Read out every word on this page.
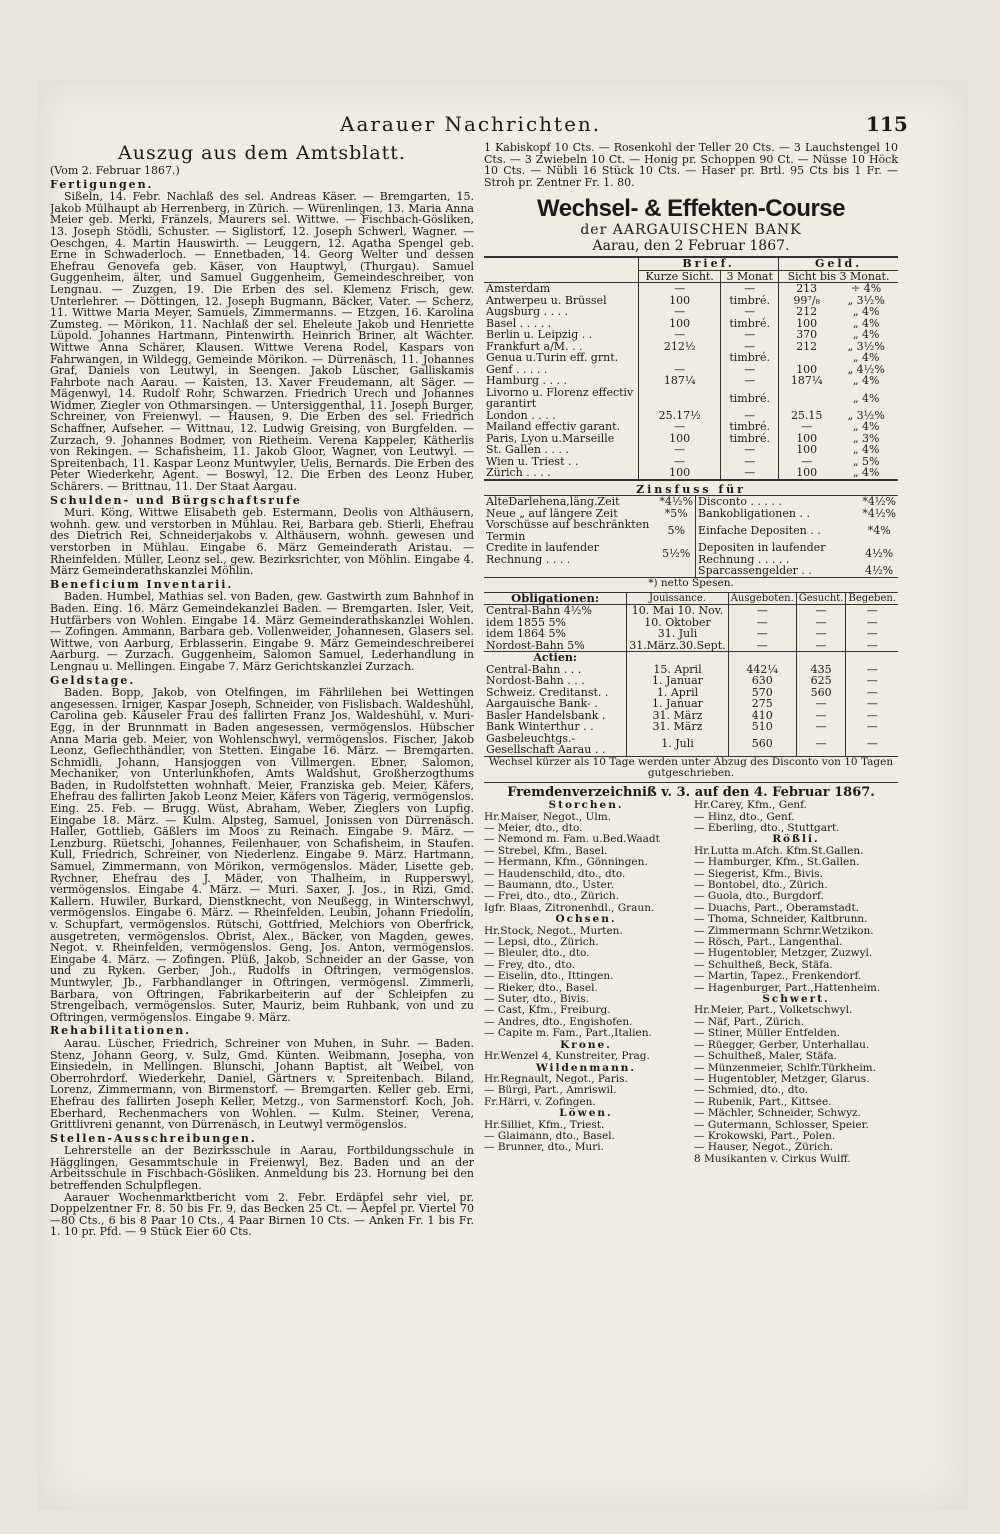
Aarauer Nachrichten.	115
Auszug aus dem Amtsblatt.

(Vom 2. Februar 1867.)

Fertigungen.

Sißeln, 14. Febr. Nachlaß des sel. Andreas Käser. — Bremgarten, 15. Jakob Mülhaupt ab Herrenberg, in Zürich. — Würenlingen, 13. Maria Anna Meier geb. Merki, Fränzels, Maurers sel. Wittwe. — Fischbach-Gösliken, 13. Joseph Stödli, Schuster. — Siglistorf, 12. Joseph Schwerl, Wagner. — Oeschgen, 4. Martin Hauswirth. — Leuggern, 12. Agatha Spengel geb. Erne in Schwaderloch. — Ennetbaden, 14. Georg Welter und dessen Ehefrau Genovefa geb. Käser, von Hauptwyl, (Thurgau). Samuel Guggenheim, älter, und Samuel Guggenheim, Gemeindeschreiber, von Lengnau. — Zuzgen, 19. Die Erben des sel. Klemenz Frisch, gew. Unterlehrer. — Döttingen, 12. Joseph Bugmann, Bäcker, Vater. — Scherz, 11. Wittwe Maria Meyer, Samuels, Zimmermanns. — Etzgen, 16. Karolina Zumsteg. — Mörikon, 11. Nachlaß der sel. Eheleute Jakob und Henriette Lüpold. Johannes Hartmann, Pintenwirth. Heinrich Briner, alt Wächter. Wittwe Anna Schärer, Klausen. Wittwe Verena Rodel, Kaspars von Fahrwangen, in Wildegg, Gemeinde Mörikon. — Dürrenäsch, 11. Johannes Graf, Daniels von Leutwyl, in Seengen. Jakob Lüscher, Galliskamis Fahrbote nach Aarau. — Kaisten, 13. Xaver Freudemann, alt Säger. — Mägenwyl, 14. Rudolf Rohr, Schwarzen. Friedrich Urech und Johannes Widmer, Ziegler von Othmarsingen. — Untersiggenthal, 11. Joseph Burger, Schreiner, von Freienwyl. — Hausen, 9. Die Erben des sel. Friedrich Schaffner, Aufseher. — Wittnau, 12. Ludwig Greising, von Burgfelden. — Zurzach, 9. Johannes Bodmer, von Rietheim. Verena Kappeler, Kätherlis von Rekingen. — Schafisheim, 11. Jakob Gloor, Wagner, von Leutwyl. — Spreitenbach, 11. Kaspar Leonz Muntwyler, Uelis, Bernards. Die Erben des Peter Wiederkehr, Agent. — Boswyl, 12. Die Erben des Leonz Huber, Schärers. — Brittnau, 11. Der Staat Aargau.

Schulden- und Bürgschaftsrufe

Muri. Köng, Wittwe Elisabeth geb. Estermann, Deolis von Althäusern, wohnh. gew. und verstorben in Mühlau. Rei, Barbara geb. Stierli, Ehefrau des Dietrich Rei, Schneiderjakobs v. Althäusern, wohnh. gewesen und verstorben in Mühlau. Eingabe 6. März Gemeinderath Aristau. — Rheinfelden. Müller, Leonz sel., gew. Bezirksrichter, von Möhlin. Eingabe 4. März Gemeinderathskanzlei Möhlin.

Beneficium Inventarii.

Baden. Humbel, Mathias sel. von Baden, gew. Gastwirth zum Bahnhof in Baden. Eing. 16. März Gemeindekanzlei Baden. — Bremgarten. Isler, Veit, Hutfärbers von Wohlen. Eingabe 14. März Gemeinderathskanzlei Wohlen. — Zofingen. Ammann, Barbara geb. Vollenweider, Johannesen, Glasers sel. Wittwe, von Aarburg, Erblasserin. Eingabe 9. März Gemeindeschreiberei Aarburg. — Zurzach. Guggenheim, Salomon Samuel, Lederhandlung in Lengnau u. Mellingen. Eingabe 7. März Gerichtskanzlei Zurzach.

Geldstage.

Baden. Bopp, Jakob, von Otelfingen, im Fährlilehen bei Wettingen angesessen. Irniger, Kaspar Joseph, Schneider, von Fislisbach. Waldeshühl, Carolina geb. Käuseler Frau des fallirten Franz Jos. Waldeshühl, v. Muri-Egg, in der Brunnmatt in Baden angesessen, vermögenslos. Hübscher Anna Maria geb. Meier, von Wohlenschwyl, vermögenslos. Fischer, Jakob Leonz, Geflechthändler, von Stetten. Eingabe 16. März. — Bremgarten. Schmidli, Johann, Hansjoggen von Villmergen. Ebner, Salomon, Mechaniker, von Unterlunkhofen, Amts Waldshut, Großherzogthums Baden, in Rudolfstetten wohnhaft. Meier, Franziska geb. Meier, Käfers, Ehefrau des fallirten Jakob Leonz Meier, Käfers von Tägerig, vermögenslos. Eing. 25. Feb. — Brugg. Wüst, Abraham, Weber, Zieglers von Lupfig. Eingabe 18. März. — Kulm. Alpsteg, Samuel, Jonissen von Dürrenäsch. Haller, Gottlieb, Gäßlers im Moos zu Reinach. Eingabe 9. März. — Lenzburg. Rüetschi, Johannes, Feilenhauer, von Schafisheim, in Staufen. Kull, Friedrich, Schreiner, von Niederlenz. Eingabe 9. März. Hartmann, Samuel, Zimmermann, von Mörikon, vermögenslos. Mäder, Lisette geb. Rychner, Ehefrau des J. Mäder, von Thalheim, in Rupperswyl, vermögenslos. Eingabe 4. März. — Muri. Saxer, J. Jos., in Rizi, Gmd. Kallern. Huwiler, Burkard, Dienstknecht, von Neußegg, in Winterschwyl, vermögenslos. Eingabe 6. März. — Rheinfelden. Leubin, Johann Friedolin, v. Schupfart, vermögenslos. Rütschi, Gottfried, Melchiors von Oberfrick, ausgetreten, vermögenslos. Obrist, Alex., Bäcker, von Magden, gewes. Negot. v. Rheinfelden, vermögenslos. Geng, Jos. Anton, vermögenslos. Eingabe 4. März. — Zofingen. Plüß, Jakob, Schneider an der Gasse, von und zu Ryken. Gerber, Joh., Rudolfs in Oftringen, vermögenslos. Muntwyler, Jb., Farbhandlanger in Oftringen, vermögensl. Zimmerli, Barbara, von Oftringen, Fabrikarbeiterin auf der Schleipfen zu Strengelbach, vermögenslos. Suter, Mauriz, beim Ruhbank, von und zu Oftringen, vermögenslos. Eingabe 9. März.

Rehabilitationen.

Aarau. Lüscher, Friedrich, Schreiner von Muhen, in Suhr. — Baden. Stenz, Johann Georg, v. Sulz, Gmd. Künten. Weibmann, Josepha, von Einsiedeln, in Mellingen. Blunschi, Johann Baptist, alt Weibel, von Oberrohrdorf. Wiederkehr, Daniel, Gärtners v. Spreitenbach. Biland, Lorenz, Zimmermann, von Birmenstorf. — Bremgarten. Keller geb. Erni, Ehefrau des fallirten Joseph Keller, Metzg., von Sarmenstorf. Koch, Joh. Eberhard, Rechenmachers von Wohlen. — Kulm. Steiner, Verena, Grittlivreni genannt, von Dürrenäsch, in Leutwyl vermögenslos.

Stellen-Ausschreibungen.

Lehrerstelle an der Bezirksschule in Aarau, Fortbildungsschule in Hägglingen, Gesammtschule in Freienwyl, Bez. Baden und an der Arbeitsschule in Fischbach-Gösliken. Anmeldung bis 23. Hornung bei den betreffenden Schulpflegen.

Aarauer Wochenmarktbericht vom 2. Febr. Erdäpfel sehr viel, pr. Doppelzentner Fr. 8. 50 bis Fr. 9, das Becken 25 Ct. — Aepfel pr. Viertel 70—80 Cts., 6 bis 8 Paar 10 Cts., 4 Paar Birnen 10 Cts. — Anken Fr. 1 bis Fr. 1. 10 pr. Pfd. — 9 Stück Eier 60 Cts.

1 Kabiskopf 10 Cts. — Rosenkohl der Teller 20 Cts. — 3 Lauchstengel 10 Cts. — 3 Zwiebeln 10 Ct. — Honig pr. Schoppen 90 Ct. — Nüsse 10 Höck 10 Cts. — Nübli 16 Stück 10 Cts. — Haser pr. Brtl. 95 Cts bis 1 Fr. — Stroh pr. Zentner Fr. 1. 80.

Wechsel- & Effekten-Course
der AARGAUISCHEN BANK
Aarau, den 2 Februar 1867.
	Brief.		Geld.	
	Kurze Sicht.	3 Monat	Sicht bis 3 Monat.	
Amsterdam	—	—	213	÷ 4%
Antwerpeu u. Brüssel	100	timbré.	99⁷/₈	„ 3½%
Augsburg . . . .	—	—	212	„ 4%
Basel . . . . .	100	timbré.	100	„ 4%
Berlin u. Leipzig . .	—	—	370	„ 4%
Frankfurt a/M. . .	212½	—	212	„ 3½%
Genua u.Turin eff. grnt.		timbré.		„ 4%
Genf . . . . .	—	—	100	„ 4½%
Hamburg . . . .	187¼	—	187¼	„ 4%
Livorno u. Florenz effectiv garantirt		timbré.		„ 4%
London . . . .	25.17½	—	25.15	„ 3½%
Mailand effectiv garant.	—	timbré.	—	„ 4%
Paris, Lyon u.Marseille	100	timbré.	100	„ 3%
St. Gallen . . . .	—	—	100	„ 4%
Wien u. Triest . .	—	—	—	„ 5%
Zürich . . . .	100	—	100	„ 4%
Zinsfuss für
AlteDarlehena,läng.Zeit	*4½%	Disconto . . . . .	*4½%
Neue „ auf längere Zeit	*5%	Bankobligationen . .	*4½%
Vorschüsse auf beschränkten Termin	5%	Einfache Depositen . .	*4%
Credite in laufender Rechnung . . . .	5½%	Depositen in laufender Rechnung . . . . .	4½%
		Sparcassengelder . .	4½%
*) netto Spesen.
Obligationen:	Jouissance.	Ausgeboten.	Gesucht.	Begeben.
Central-Bahn 4½%	10. Mai 10. Nov.	—	—	—
idem 1855 5%	10. Oktober	—	—	—
idem 1864 5%	31. Juli	—	—	—
Nordost-Bahn 5%	31.März.30.Sept.	—	—	—
Actien:				
Central-Bahn . . .	15. April	442¼	435	—
Nordost-Bahn . . .	1. Januar	630	625	—
Schweiz. Creditanst. .	1. April	570	560	—
Aargauische Bank- .	1. Januar	275	—	—
Basler Handelsbank .	31. März	410	—	—
Bank Winterthur . .	31. März	510	—	—
Gasbeleuchtgs.-Gesellschaft Aarau . .	1. Juli	560	—	—
Wechsel kürzer als 10 Tage werden unter Abzug des Disconto von 10 Tagen gutgeschrieben.
Fremdenverzeichniß v. 3. auf den 4. Februar 1867.
Storchen.
Hr.Maiser, Negot., Ulm.
— Meier, dto., dto.
— Nemond m. Fam. u.Bed.Waadt
— Strebel, Kfm., Basel.
— Hermann, Kfm., Gönningen.
— Haudenschild, dto., dto.
— Baumann, dto., Uster.
— Frei, dto., dto., Zürich.
Igfr. Blaas, Zitronenhdl., Graun.
Ochsen.
Hr.Stock, Negot., Murten.
— Lepsi, dto., Zürich.
— Bleuler, dto., dto.
— Frey, dto., dto.
— Eiselin, dto., Ittingen.
— Rieker, dto., Basel.
— Suter, dto., Bivis.
— Cast, Kfm., Freiburg.
— Andres, dto., Engishofen.
— Capite m. Fam., Part.,Italien.
Krone.
Hr.Wenzel 4, Kunstreiter, Prag.
Wildenmann.
Hr.Regnault, Negot., Paris.
— Bürgi, Part., Amriswil.
Fr.Härri, v. Zofingen.
Löwen.
Hr.Silliet, Kfm., Triest.
— Glaimann, dto., Basel.
— Brunner, dto., Muri.
Hr.Carey, Kfm., Genf.
— Hinz, dto., Genf.
— Eberling, dto., Stuttgart.
Rößli.
Hr.Lutta m.Afch. Kfm.St.Gallen.
— Hamburger, Kfm., St.Gallen.
— Siegerist, Kfm., Bivis.
— Bontobel, dto., Zürich.
— Guola, dto., Burgdorf.
— Duachs, Part., Oberamstadt.
— Thoma, Schneider, Kaltbrunn.
— Zimmermann Schrnr.Wetzikon.
— Rösch, Part., Langenthal.
— Hugentobler, Metzger, Zuzwyl.
— Schultheß, Beck, Stäfa.
— Martin, Tapez., Frenkendorf.
— Hagenburger, Part.,Hattenheim.
Schwert.
Hr.Meier, Part., Volketschwyl.
— Näf, Part., Zürich.
— Stiner, Müller Entfelden.
— Rüegger, Gerber, Unterhallau.
— Schultheß, Maler, Stäfa.
— Münzenmeier, Schlfr.Türkheim.
— Hugentobler, Metzger, Glarus.
— Schmied, dto., dto.
— Rubenik, Part., Kittsee.
— Mächler, Schneider, Schwyz.
— Gutermann, Schlosser, Speier.
— Krokowski, Part., Polen.
— Hauser, Negot., Zürich.
8 Musikanten v. Cirkus Wulff.
